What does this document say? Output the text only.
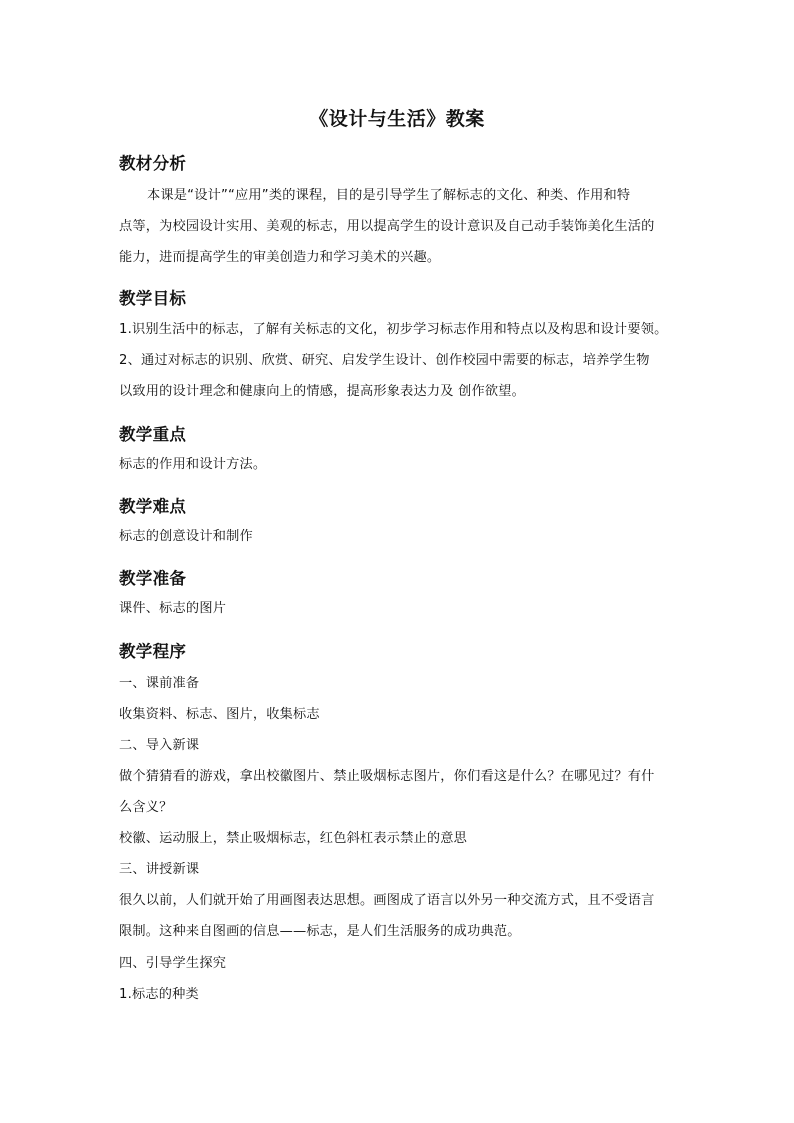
《设计与生活》教案
教材分析
本课是“设计”“应用”类的课程，目的是引导学生了解标志的文化、种类、作用和特
点等，为校园设计实用、美观的标志，用以提高学生的设计意识及自己动手装饰美化生活的
能力，进而提高学生的审美创造力和学习美术的兴趣。
教学目标
1.识别生活中的标志，了解有关标志的文化，初步学习标志作用和特点以及构思和设计要领。
2、通过对标志的识别、欣赏、研究、启发学生设计、创作校园中需要的标志，培养学生物
以致用的设计理念和健康向上的情感，提高形象表达力及 创作欲望。
教学重点
标志的作用和设计方法。
教学难点
标志的创意设计和制作
教学准备
课件、标志的图片
教学程序
一、课前准备
收集资料、标志、图片，收集标志
二、导入新课
做个猜猜看的游戏，拿出校徽图片、禁止吸烟标志图片，你们看这是什么？在哪见过？有什
么含义？
校徽、运动服上，禁止吸烟标志，红色斜杠表示禁止的意思
三、讲授新课
很久以前，人们就开始了用画图表达思想。画图成了语言以外另一种交流方式，且不受语言
限制。这种来自图画的信息——标志，是人们生活服务的成功典范。
四、引导学生探究
1.标志的种类
